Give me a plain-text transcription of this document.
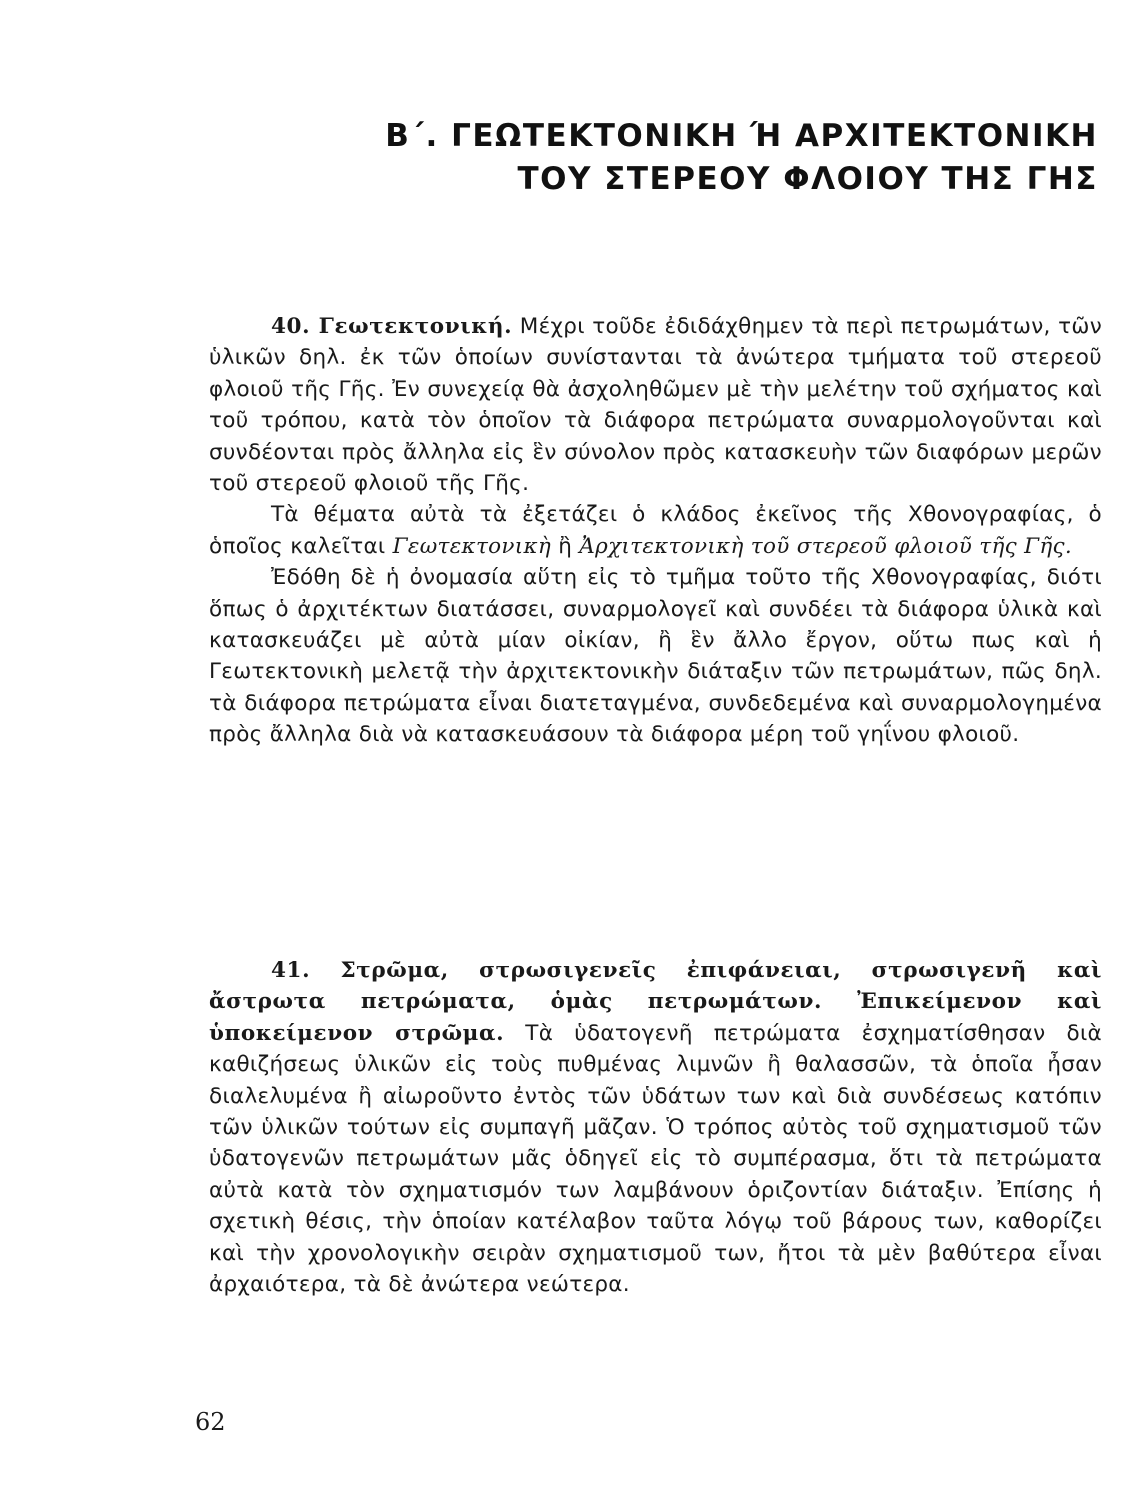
Β΄. ΓΕΩΤΕΚΤΟΝΙΚΗ Ή ΑΡΧΙΤΕΚΤΟΝΙΚΗ
ΤΟΥ ΣΤΕΡΕΟΥ ΦΛΟΙΟΥ ΤΗΣ ΓΗΣ

40. Γεωτεκτονική. Μέχρι τοῦδε ἐδιδάχθημεν τὰ περὶ πετρωμάτων, τῶν ὑλικῶν δηλ. ἐκ τῶν ὁποίων συνίστανται τὰ ἀνώτερα τμήματα τοῦ στερεοῦ φλοιοῦ τῆς Γῆς. Ἐν συνεχείᾳ θὰ ἀσχοληθῶμεν μὲ τὴν μελέτην τοῦ σχήματος καὶ τοῦ τρόπου, κατὰ τὸν ὁποῖον τὰ διάφορα πετρώματα συναρμολογοῦνται καὶ συνδέονται πρὸς ἄλληλα εἰς ἓν σύνολον πρὸς κατασκευὴν τῶν διαφόρων μερῶν τοῦ στερεοῦ φλοιοῦ τῆς Γῆς.

Τὰ θέματα αὐτὰ τὰ ἐξετάζει ὁ κλάδος ἐκεῖνος τῆς Χθονογραφίας, ὁ ὁποῖος καλεῖται Γεωτεκτονικὴ ἢ Ἀρχιτεκτονικὴ τοῦ στερεοῦ φλοιοῦ τῆς Γῆς.

Ἐδόθη δὲ ἡ ὀνομασία αὕτη εἰς τὸ τμῆμα τοῦτο τῆς Χθονογραφίας, διότι ὅπως ὁ ἀρχιτέκτων διατάσσει, συναρμολογεῖ καὶ συνδέει τὰ διάφορα ὑλικὰ καὶ κατασκευάζει μὲ αὐτὰ μίαν οἰκίαν, ἢ ἓν ἄλλο ἔργον, οὕτω πως καὶ ἡ Γεωτεκτονικὴ μελετᾷ τὴν ἀρχιτεκτονικὴν διάταξιν τῶν πετρωμάτων, πῶς δηλ. τὰ διάφορα πετρώματα εἶναι διατεταγμένα, συνδεδεμένα καὶ συναρμολογημένα πρὸς ἄλληλα διὰ νὰ κατασκευάσουν τὰ διάφορα μέρη τοῦ γηΐνου φλοιοῦ.

41. Στρῶμα, στρωσιγενεῖς ἐπιφάνειαι, στρωσιγενῆ καὶ ἄστρωτα πετρώματα, ὁμὰς πετρωμάτων. Ἐπικείμενον καὶ ὑποκείμενον στρῶμα. Τὰ ὑδατογενῆ πετρώματα ἐσχηματίσθησαν διὰ καθιζήσεως ὑλικῶν εἰς τοὺς πυθμένας λιμνῶν ἢ θαλασσῶν, τὰ ὁποῖα ἦσαν διαλελυμένα ἢ αἰωροῦντο ἐντὸς τῶν ὑδάτων των καὶ διὰ συνδέσεως κατόπιν τῶν ὑλικῶν τούτων εἰς συμπαγῆ μᾶζαν. Ὁ τρόπος αὐτὸς τοῦ σχηματισμοῦ τῶν ὑδατογενῶν πετρωμάτων μᾶς ὁδηγεῖ εἰς τὸ συμπέρασμα, ὅτι τὰ πετρώματα αὐτὰ κατὰ τὸν σχηματισμόν των λαμβάνουν ὁριζοντίαν διάταξιν. Ἐπίσης ἡ σχετικὴ θέσις, τὴν ὁποίαν κατέλαβον ταῦτα λόγῳ τοῦ βάρους των, καθορίζει καὶ τὴν χρονολογικὴν σειρὰν σχηματισμοῦ των, ἤτοι τὰ μὲν βαθύτερα εἶναι ἀρχαιότερα, τὰ δὲ ἀνώτερα νεώτερα.

62
